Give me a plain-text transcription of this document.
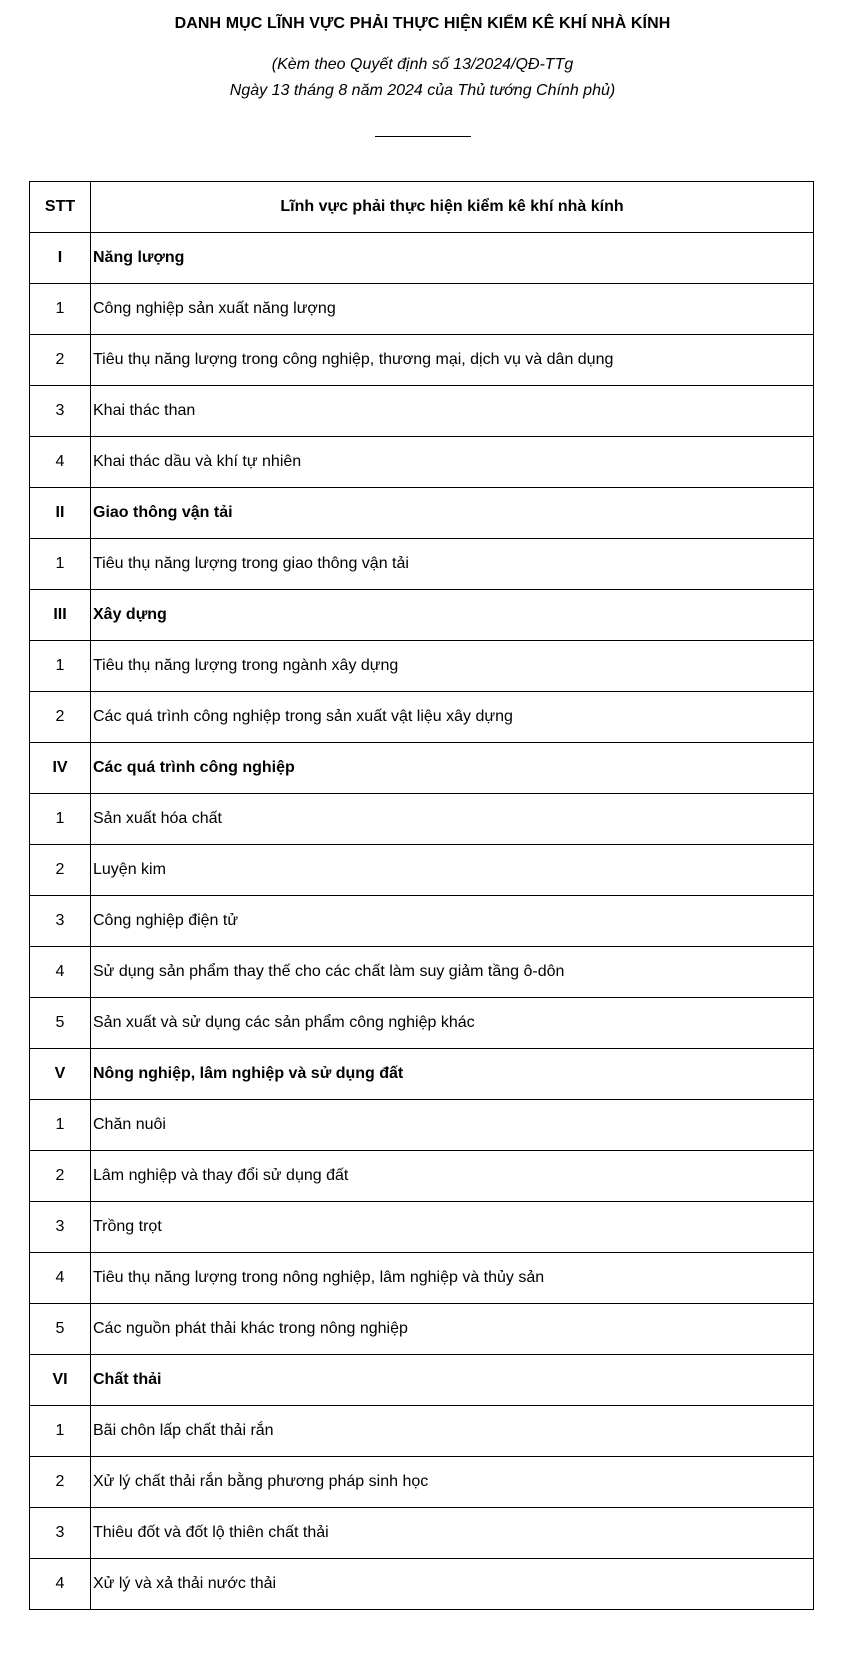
DANH MỤC LĨNH VỰC PHẢI THỰC HIỆN KIỂM KÊ KHÍ NHÀ KÍNH
(Kèm theo Quyết định số 13/2024/QĐ-TTg
Ngày 13 tháng 8 năm 2024 của Thủ tướng Chính phủ)
STT	Lĩnh vực phải thực hiện kiểm kê khí nhà kính
I	Năng lượng
1	Công nghiệp sản xuất năng lượng
2	Tiêu thụ năng lượng trong công nghiệp, thương mại, dịch vụ và dân dụng
3	Khai thác than
4	Khai thác dầu và khí tự nhiên
II	Giao thông vận tải
1	Tiêu thụ năng lượng trong giao thông vận tải
III	Xây dựng
1	Tiêu thụ năng lượng trong ngành xây dựng
2	Các quá trình công nghiệp trong sản xuất vật liệu xây dựng
IV	Các quá trình công nghiệp
1	Sản xuất hóa chất
2	Luyện kim
3	Công nghiệp điện tử
4	Sử dụng sản phẩm thay thế cho các chất làm suy giảm tầng ô-dôn
5	Sản xuất và sử dụng các sản phẩm công nghiệp khác
V	Nông nghiệp, lâm nghiệp và sử dụng đất
1	Chăn nuôi
2	Lâm nghiệp và thay đổi sử dụng đất
3	Trồng trọt
4	Tiêu thụ năng lượng trong nông nghiệp, lâm nghiệp và thủy sản
5	Các nguồn phát thải khác trong nông nghiệp
VI	Chất thải
1	Bãi chôn lấp chất thải rắn
2	Xử lý chất thải rắn bằng phương pháp sinh học
3	Thiêu đốt và đốt lộ thiên chất thải
4	Xử lý và xả thải nước thải
